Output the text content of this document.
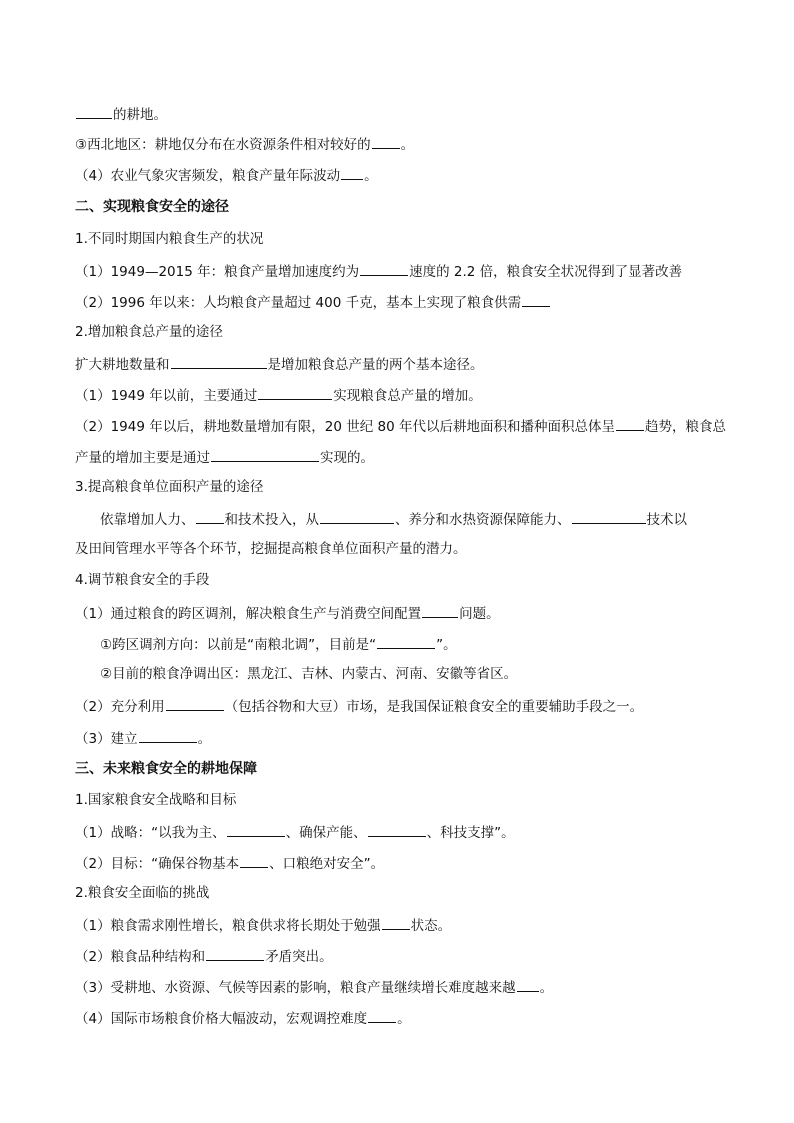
的耕地。
③西北地区：耕地仅分布在水资源条件相对较好的 。
（4）农业气象灾害频发，粮食产量年际波动 。
二、实现粮食安全的途径
1.不同时期国内粮食生产的状况
（1）1949—2015 年：粮食产量增加速度约为	速度的 2.2 倍，粮食安全状况得到了显著改善
（2）1996 年以来：人均粮食产量超过 400 千克，基本上实现了粮食供需
2.增加粮食总产量的途径
扩大耕地数量和	是增加粮食总产量的两个基本途径。
（1）1949 年以前，主要通过	实现粮食总产量的增加。
（2）1949 年以后，耕地数量增加有限，20 世纪 80 年代以后耕地面积和播种面积总体呈 趋势，粮食总
产量的增加主要是通过	实现的。
3.提高粮食单位面积产量的途径
依靠增加人力、 和技术投入，从	、养分和水热资源保障能力、	技术以
及田间管理水平等各个环节，挖掘提高粮食单位面积产量的潜力。
4.调节粮食安全的手段
（1）通过粮食的跨区调剂，解决粮食生产与消费空间配置	问题。
①跨区调剂方向：以前是“南粮北调”，目前是“	”。
②目前的粮食净调出区：黑龙江、吉林、内蒙古、河南、安徽等省区。
（2）充分利用	（包括谷物和大豆）市场，是我国保证粮食安全的重要辅助手段之一。
（3）建立	。
三、未来粮食安全的耕地保障
1.国家粮食安全战略和目标
（1）战略：“以我为主、	、确保产能、	、科技支撑”。
（2）目标：“确保谷物基本 、口粮绝对安全”。
2.粮食安全面临的挑战
（1）粮食需求刚性增长，粮食供求将长期处于勉强 状态。
（2）粮食品种结构和	矛盾突出。
（3）受耕地、水资源、气候等因素的影响，粮食产量继续增长难度越来越 。
（4）国际市场粮食价格大幅波动，宏观调控难度 。
